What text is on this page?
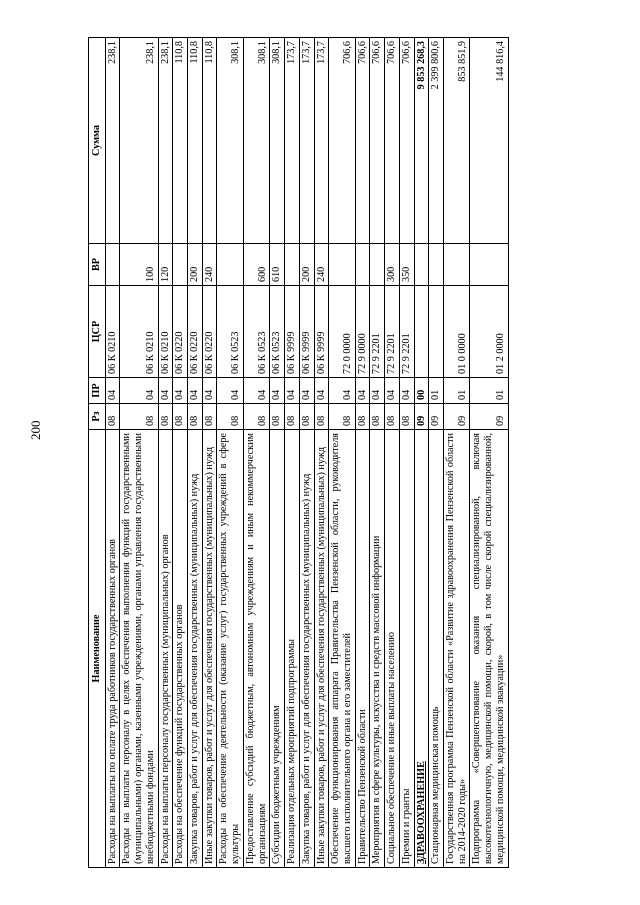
200
Наименование	Рз	ПР	ЦСР	ВР	Сумма
Расходы на выплаты по оплате труда работников государственных органов	08	04	06 К 0210		238,1
Расходы на выплаты персоналу в целях обеспечения выполнения функций государственными (муниципальными) органами, казенными учреждениями, органами управления государственными внебюджетными фондами	08	04	06 К 0210	100	238,1
Расходы на выплаты персоналу государственных (муниципальных) органов	08	04	06 К 0210	120	238,1
Расходы на обеспечение функций государственных органов	08	04	06 К 0220		110,8
Закупка товаров, работ и услуг для обеспечения государственных (муниципальных) нужд	08	04	06 К 0220	200	110,8
Иные закупки товаров, работ и услуг для обеспечения государственных (муниципальных) нужд	08	04	06 К 0220	240	110,8
Расходы на обеспечение деятельности (оказание услуг) государственных учреждений в сфере культуры	08	04	06 К 0523		308,1
Предоставление субсидий бюджетным, автономным учреждениям и иным некоммерческим организациям	08	04	06 К 0523	600	308,1
Субсидии бюджетным учреждениям	08	04	06 К 0523	610	308,1
Реализация отдельных мероприятий подпрограммы	08	04	06 К 9999		173,7
Закупка товаров, работ и услуг для обеспечения государственных (муниципальных) нужд	08	04	06 К 9999	200	173,7
Иные закупки товаров, работ и услуг для обеспечения государственных (муниципальных) нужд	08	04	06 К 9999	240	173,7
Обеспечение функционирования аппарата Правительства Пензенской области, руководителя высшего исполнительного органа и его заместителей	08	04	72 0 0000		706,6
Правительство Пензенской области	08	04	72 9 0000		706,6
Мероприятия в сфере культуры, искусства и средств массовой информации	08	04	72 9 2201		706,6
Социальное обеспечение и иные выплаты населению	08	04	72 9 2201	300	706,6
Премии и гранты	08	04	72 9 2201	350	706,6
ЗДРАВООХРАНЕНИЕ	09	00			9 853 268,3
Стационарная медицинская помощь	09	01			2 399 800,6
Государственная программа Пензенской области «Развитие здравоохранения Пензенской области на 2014-2020 годы»	09	01	01 0 0000		853 851,9
Подпрограмма «Совершенствование оказания специализированной, включая высокотехнологичную, медицинской помощи, скорой, в том числе скорой специализированной, медицинской помощи, медицинской эвакуации»	09	01	01 2 0000		144 816,4
